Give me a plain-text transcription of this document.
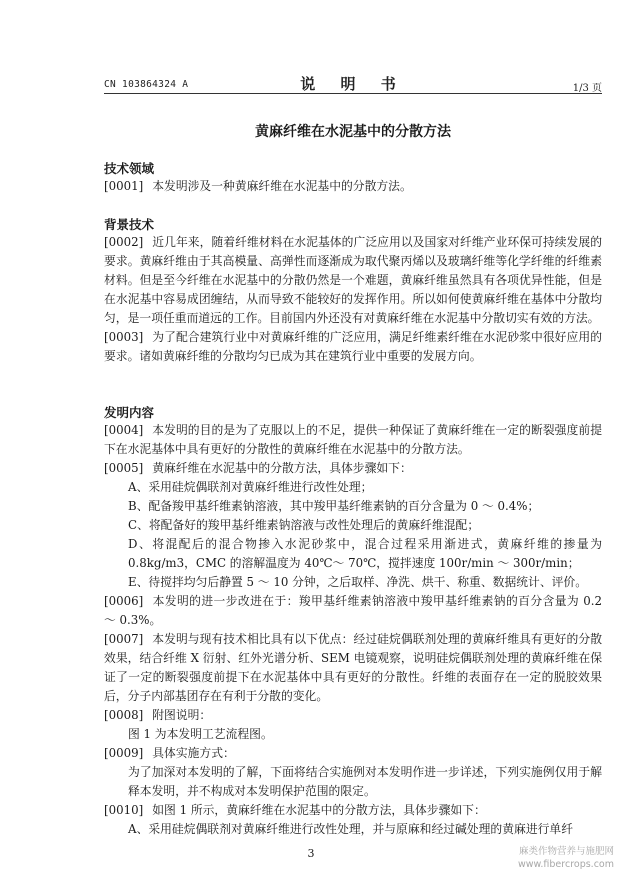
CN 103864324 A	说 明 书	1/3 页
黄麻纤维在水泥基中的分散方法
技术领域

[0001] 本发明涉及一种黄麻纤维在水泥基中的分散方法。

背景技术

[0002] 近几年来，随着纤维材料在水泥基体的广泛应用以及国家对纤维产业环保可持续发展的要求。黄麻纤维由于其高模量、高弹性而逐渐成为取代聚丙烯以及玻璃纤维等化学纤维的纤维素材料。但是至今纤维在水泥基中的分散仍然是一个难题，黄麻纤维虽然具有各项优异性能，但是在水泥基中容易成团缠结，从而导致不能较好的发挥作用。所以如何使黄麻纤维在基体中分散均匀，是一项任重而道远的工作。目前国内外还没有对黄麻纤维在水泥基中分散切实有效的方法。

[0003] 为了配合建筑行业中对黄麻纤维的广泛应用，满足纤维素纤维在水泥砂浆中很好应用的要求。诸如黄麻纤维的分散均匀已成为其在建筑行业中重要的发展方向。

发明内容

[0004] 本发明的目的是为了克服以上的不足，提供一种保证了黄麻纤维在一定的断裂强度前提下在水泥基体中具有更好的分散性的黄麻纤维在水泥基中的分散方法。

[0005] 黄麻纤维在水泥基中的分散方法，具体步骤如下：

A、采用硅烷偶联剂对黄麻纤维进行改性处理；

B、配备羧甲基纤维素钠溶液，其中羧甲基纤维素钠的百分含量为 0 ～ 0.4%；

C、将配备好的羧甲基纤维素钠溶液与改性处理后的黄麻纤维混配；

D、将混配后的混合物掺入水泥砂浆中，混合过程采用渐进式，黄麻纤维的掺量为 0.8kg/m3，CMC 的溶解温度为 40℃～ 70℃，搅拌速度 100r/min ～ 300r/min；

E、待搅拌均匀后静置 5 ～ 10 分钟，之后取样、净洗、烘干、称重、数据统计、评价。

[0006] 本发明的进一步改进在于：羧甲基纤维素钠溶液中羧甲基纤维素钠的百分含量为 0.2 ～ 0.3%。

[0007] 本发明与现有技术相比具有以下优点：经过硅烷偶联剂处理的黄麻纤维具有更好的分散效果，结合纤维 X 衍射、红外光谱分析、SEM 电镜观察，说明硅烷偶联剂处理的黄麻纤维在保证了一定的断裂强度前提下在水泥基体中具有更好的分散性。纤维的表面存在一定的脱胶效果后，分子内部基团存在有利于分散的变化。

[0008] 附图说明：

图 1 为本发明工艺流程图。

[0009] 具体实施方式：

为了加深对本发明的了解，下面将结合实施例对本发明作进一步详述，下列实施例仅用于解释本发明，并不构成对本发明保护范围的限定。

[0010] 如图 1 所示，黄麻纤维在水泥基中的分散方法，具体步骤如下：

A、采用硅烷偶联剂对黄麻纤维进行改性处理，并与原麻和经过碱处理的黄麻进行单纤

3	麻类作物营养与施肥网
www.fibercrops.com
